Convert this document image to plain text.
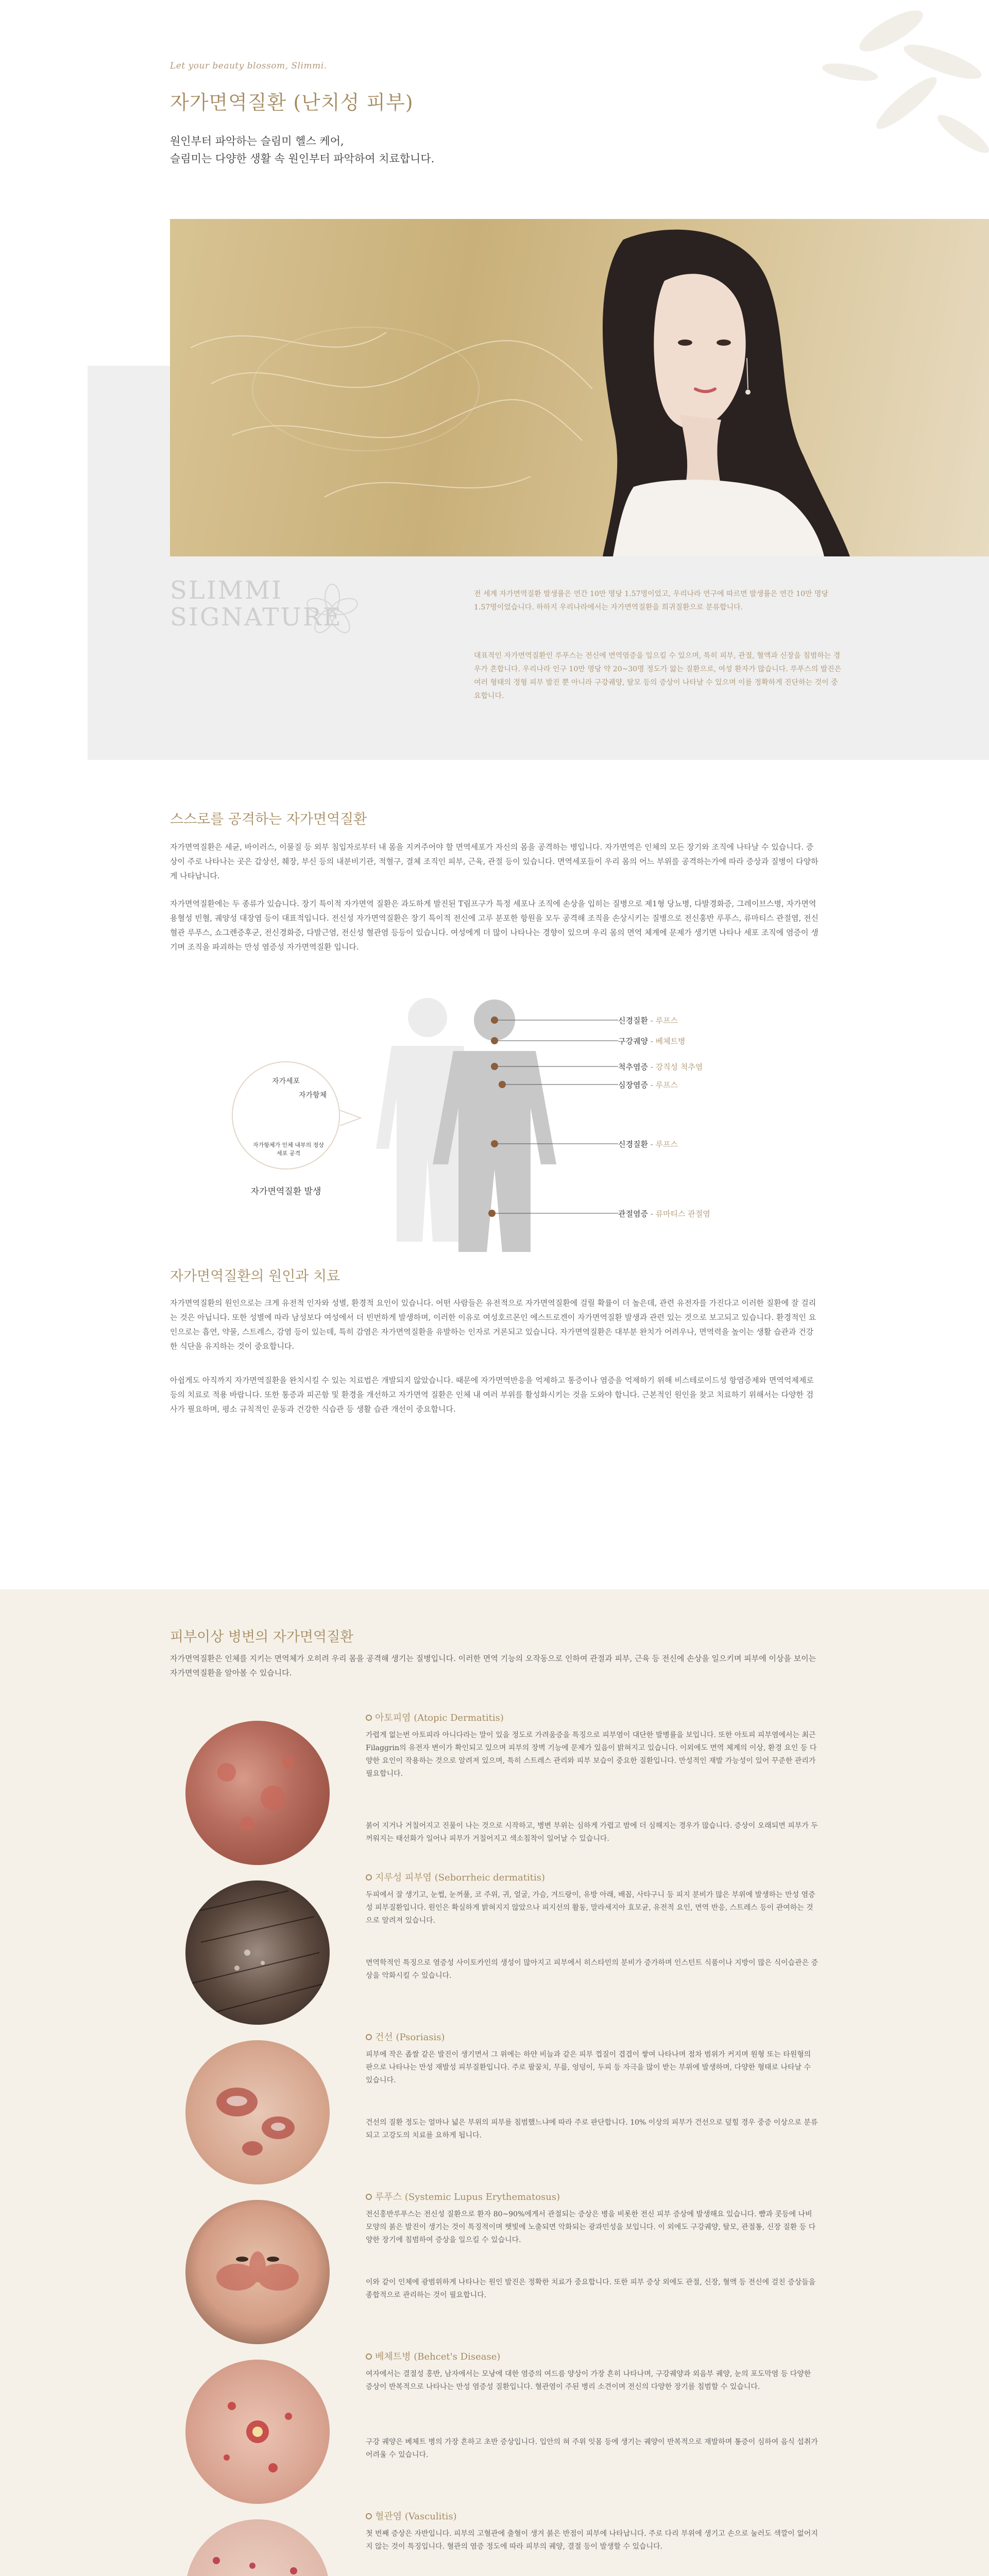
Let your beauty blossom, Slimmi.
자가면역질환 (난치성 피부)
원인부터 파악하는 슬림미 헬스 케어,
슬림미는 다양한 생활 속 원인부터 파악하여 치료합니다.
SLIMMI
SIGNATURE

전 세계 자가면역질환 발생률은 연간 10만 명당 1.57명이었고, 우리나라 연구에 따르면 발생률은 연간 10만 명당 1.57명이었습니다. 하하지 우리나라에서는 자가면역질환을 희귀질환으로 분류합니다.

대표적인 자가면역질환인 루푸스는 전신에 면역염증을 일으킬 수 있으며, 특히 피부, 관절, 혈액과 신장을 침범하는 경우가 흔합니다. 우리나라 인구 10만 명당 약 20~30명 정도가 앓는 질환으로, 여성 환자가 많습니다. 루푸스의 발진은 여러 형태의 정형 피부 발진 뿐 아니라 구강궤양, 탈모 등의 증상이 나타날 수 있으며 이를 정확하게 진단하는 것이 중요합니다.

스스로를 공격하는 자가면역질환

자가면역질환은 세균, 바이러스, 이물질 등 외부 침입자로부터 내 몸을 지켜주어야 할 면역세포가 자신의 몸을 공격하는 병입니다. 자가면역은 인체의 모든 장기와 조직에 나타날 수 있습니다. 증상이 주로 나타나는 곳은 갑상선, 췌장, 부신 등의 내분비기관, 적혈구, 결체 조직인 피부, 근육, 관절 등이 있습니다. 면역세포들이 우리 몸의 어느 부위를 공격하는가에 따라 증상과 질병이 다양하게 나타납니다.

자가면역질환에는 두 종류가 있습니다. 장기 특이적 자가면역 질환은 과도하게 발진된 T림프구가 특정 세포나 조직에 손상을 입히는 질병으로 제1형 당뇨병, 다발경화증, 그레이브스병, 자가면역 용혈성 빈혈, 궤양성 대장염 등이 대표적입니다. 전신성 자가면역질환은 장기 특이적 전신에 고루 분포한 항원을 모두 공격해 조직을 손상시키는 질병으로 전신홍반 루푸스, 류마티스 관절염, 전신 혈관 루푸스, 쇼그렌증후군, 전신경화증, 다발근염, 전신성 혈관염 등등이 있습니다. 여성에게 더 많이 나타나는 경향이 있으며 우리 몸의 면역 체계에 문제가 생기면 나타나 세포 조직에 염증이 생기며 조직을 파괴하는 만성 염증성 자가면역질환 입니다.

자가세포
자가항체
자가항체가 인체 내부의 정상 세포 공격
자가면역질환 발생
신경질환 - 루프스
구강궤양 - 베체트병
척추염증 - 강직성 척추염
심장염증 - 루프스
신경질환 - 루프스
관절염증 - 류마티스 관절염
자가면역질환의 원인과 치료

자가면역질환의 원인으로는 크게 유전적 인자와 성별, 환경적 요인이 있습니다. 어떤 사람들은 유전적으로 자가면역질환에 걸릴 확률이 더 높은데, 관련 유전자를 가진다고 이러한 질환에 잘 걸리는 것은 아닙니다. 또한 성별에 따라 남성보다 여성에서 더 빈번하게 발생하며, 이러한 이유로 여성호르몬인 에스트로겐이 자가면역질환 발생과 관련 있는 것으로 보고되고 있습니다. 환경적인 요인으로는 흡연, 약물, 스트레스, 감염 등이 있는데, 특히 감염은 자가면역질환을 유발하는 인자로 거론되고 있습니다. 자가면역질환은 대부분 완치가 어려우나, 면역력을 높이는 생활 습관과 건강한 식단을 유지하는 것이 중요합니다.

아쉽게도 아직까지 자가면역질환을 완치시킬 수 있는 치료법은 개발되지 않았습니다. 때문에 자가면역반응을 억제하고 통증이나 염증을 억제하기 위해 비스테로이드성 항염증제와 면역억제제로 등의 치료로 적용 바랍니다. 또한 통증과 피곤함 및 환경을 개선하고 자가면역 질환은 인체 내 여러 부위를 활성화시키는 것을 도와야 합니다. 근본적인 원인을 찾고 치료하기 위해서는 다양한 검사가 필요하며, 평소 규칙적인 운동과 건강한 식습관 등 생활 습관 개선이 중요합니다.

피부이상 병변의 자가면역질환

자가면역질환은 인체를 지키는 면역체가 오히려 우리 몸을 공격해 생기는 질병입니다. 이러한 면역 기능의 오작동으로 인하여 관절과 피부, 근육 등 전신에 손상을 일으키며 피부에 이상을 보이는 자가면역질환을 알아볼 수 있습니다.

아토피염 (Atopic Dermatitis)

가렵게 없는번 아토피라 아니다라는 말이 있을 정도로 가려움증을 특징으로 피부염이 대단한 발병률을 보입니다. 또한 아토피 피부염에서는 최근 Filaggrin의 유전자 변이가 확인되고 있으며 피부의 장벽 기능에 문제가 있음이 밝혀지고 있습니다. 이외에도 면역 체계의 이상, 환경 요인 등 다양한 요인이 작용하는 것으로 알려져 있으며, 특히 스트레스 관리와 피부 보습이 중요한 질환입니다. 만성적인 재발 가능성이 있어 꾸준한 관리가 필요합니다.

붉어 지거나 거칠어지고 진물이 나는 것으로 시작하고, 병변 부위는 심하게 가렵고 밤에 더 심해지는 경우가 많습니다. 증상이 오래되면 피부가 두꺼워지는 태선화가 일어나 피부가 거칠어지고 색소침착이 일어날 수 있습니다.

지루성 피부염 (Seborrheic dermatitis)

두피에서 잘 생기고, 눈썹, 눈꺼풀, 코 주위, 귀, 얼굴, 가슴, 겨드랑이, 유방 아래, 배꼽, 사타구니 등 피지 분비가 많은 부위에 발생하는 만성 염증성 피부질환입니다. 원인은 확실하게 밝혀지지 않았으나 피지선의 활동, 말라세지아 효모균, 유전적 요인, 면역 반응, 스트레스 등이 관여하는 것으로 알려져 있습니다.

면역학적인 특징으로 염증성 사이토카인의 생성이 많아지고 피부에서 히스타민의 분비가 증가하며 인스턴트 식품이나 지방이 많은 식이습관은 증상을 악화시킬 수 있습니다.

건선 (Psoriasis)

피부에 작은 좁쌀 같은 발진이 생기면서 그 위에는 하얀 비늘과 같은 피부 껍질이 겹겹이 쌓여 나타나며 점차 범위가 커지며 원형 또는 타원형의 판으로 나타나는 만성 재발성 피부질환입니다. 주로 팔꿈치, 무릎, 엉덩이, 두피 등 자극을 많이 받는 부위에 발생하며, 다양한 형태로 나타날 수 있습니다.

건선의 질환 정도는 얼마나 넓은 부위의 피부를 침범했느냐에 따라 주로 판단합니다. 10% 이상의 피부가 건선으로 덮힐 경우 중증 이상으로 분류되고 고강도의 치료를 요하게 됩니다.

루푸스 (Systemic Lupus Erythematosus)

전신홍반루푸스는 전신성 질환으로 환자 80~90%에게서 관절되는 증상은 병을 비롯한 전신 피부 증상에 발생해요 있습니다. 뺨과 콧등에 나비 모양의 붉은 발진이 생기는 것이 특징적이며 햇빛에 노출되면 악화되는 광과민성을 보입니다. 이 외에도 구강궤양, 탈모, 관절통, 신장 질환 등 다양한 장기에 침범하여 증상을 일으킬 수 있습니다.

이와 같이 인체에 광범위하게 나타나는 원인 발진은 정확한 치료가 중요합니다. 또한 피부 증상 외에도 관절, 신장, 혈액 등 전신에 걸친 증상들을 종합적으로 관리하는 것이 필요합니다.

베체트병 (Behcet's Disease)

여자에서는 결절성 홍반, 남자에서는 모낭에 대한 염증의 여드름 양상이 가장 흔히 나타나며, 구강궤양과 외음부 궤양, 눈의 포도막염 등 다양한 증상이 반복적으로 나타나는 만성 염증성 질환입니다. 혈관염이 주된 병리 소견이며 전신의 다양한 장기를 침범할 수 있습니다.

구강 궤양은 베체트 병의 가장 흔하고 초반 증상입니다. 입안의 혀 주위 잇몸 등에 생기는 궤양이 반복적으로 재발하며 통증이 심하여 음식 섭취가 어려울 수 있습니다.

혈관염 (Vasculitis)

첫 번째 증상은 자반입니다. 피부의 고혈관에 출혈이 생겨 붉은 반점이 피부에 나타납니다. 주로 다리 부위에 생기고 손으로 눌러도 색깔이 없어지지 않는 것이 특징입니다. 혈관의 염증 정도에 따라 피부의 궤양, 결절 등이 발생할 수 있습니다.
